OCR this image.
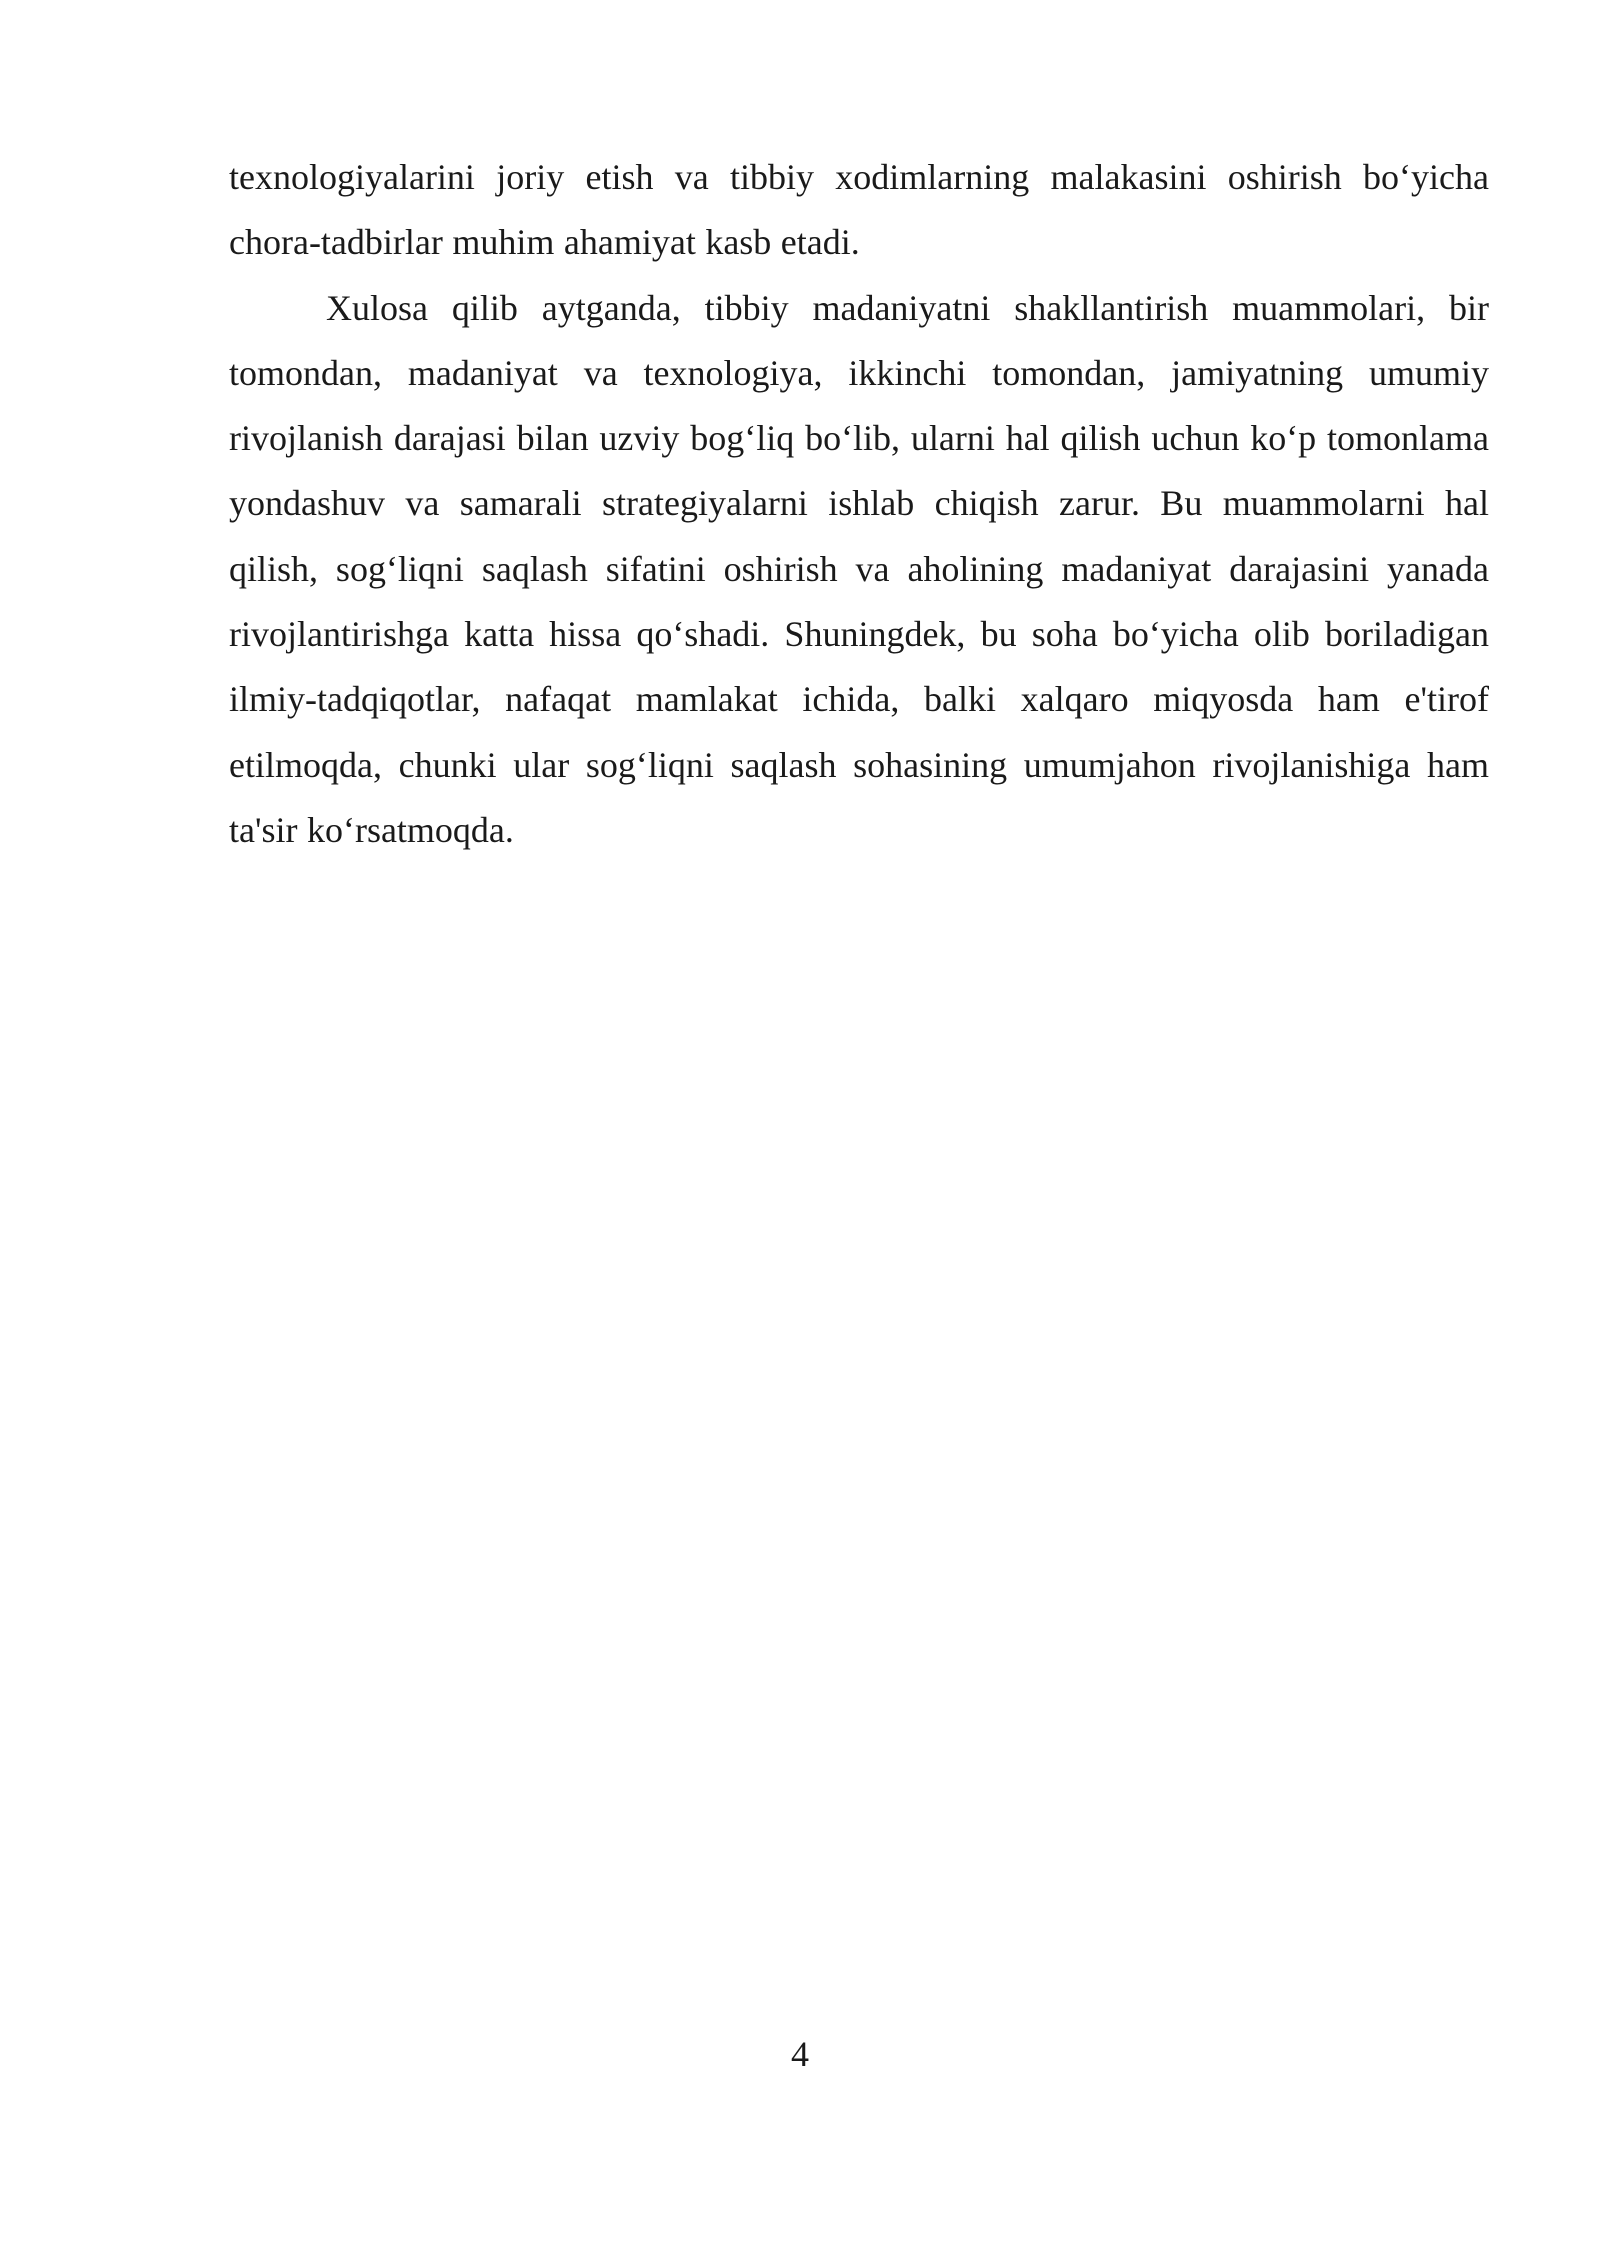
texnologiyalarini joriy etish va tibbiy xodimlarning malakasini oshirish bo‘yicha chora-tadbirlar muhim ahamiyat kasb etadi.

Xulosa qilib aytganda, tibbiy madaniyatni shakllantirish muammolari, bir tomondan, madaniyat va texnologiya, ikkinchi tomondan, jamiyatning umumiy rivojlanish darajasi bilan uzviy bog‘liq bo‘lib, ularni hal qilish uchun ko‘p tomonlama yondashuv va samarali strategiyalarni ishlab chiqish zarur. Bu muammolarni hal qilish, sog‘liqni saqlash sifatini oshirish va aholining madaniyat darajasini yanada rivojlantirishga katta hissa qo‘shadi. Shuningdek, bu soha bo‘yicha olib boriladigan ilmiy-tadqiqotlar, nafaqat mamlakat ichida, balki xalqaro miqyosda ham e'tirof etilmoqda, chunki ular sog‘liqni saqlash sohasining umumjahon rivojlanishiga ham ta'sir ko‘rsatmoqda.

4
